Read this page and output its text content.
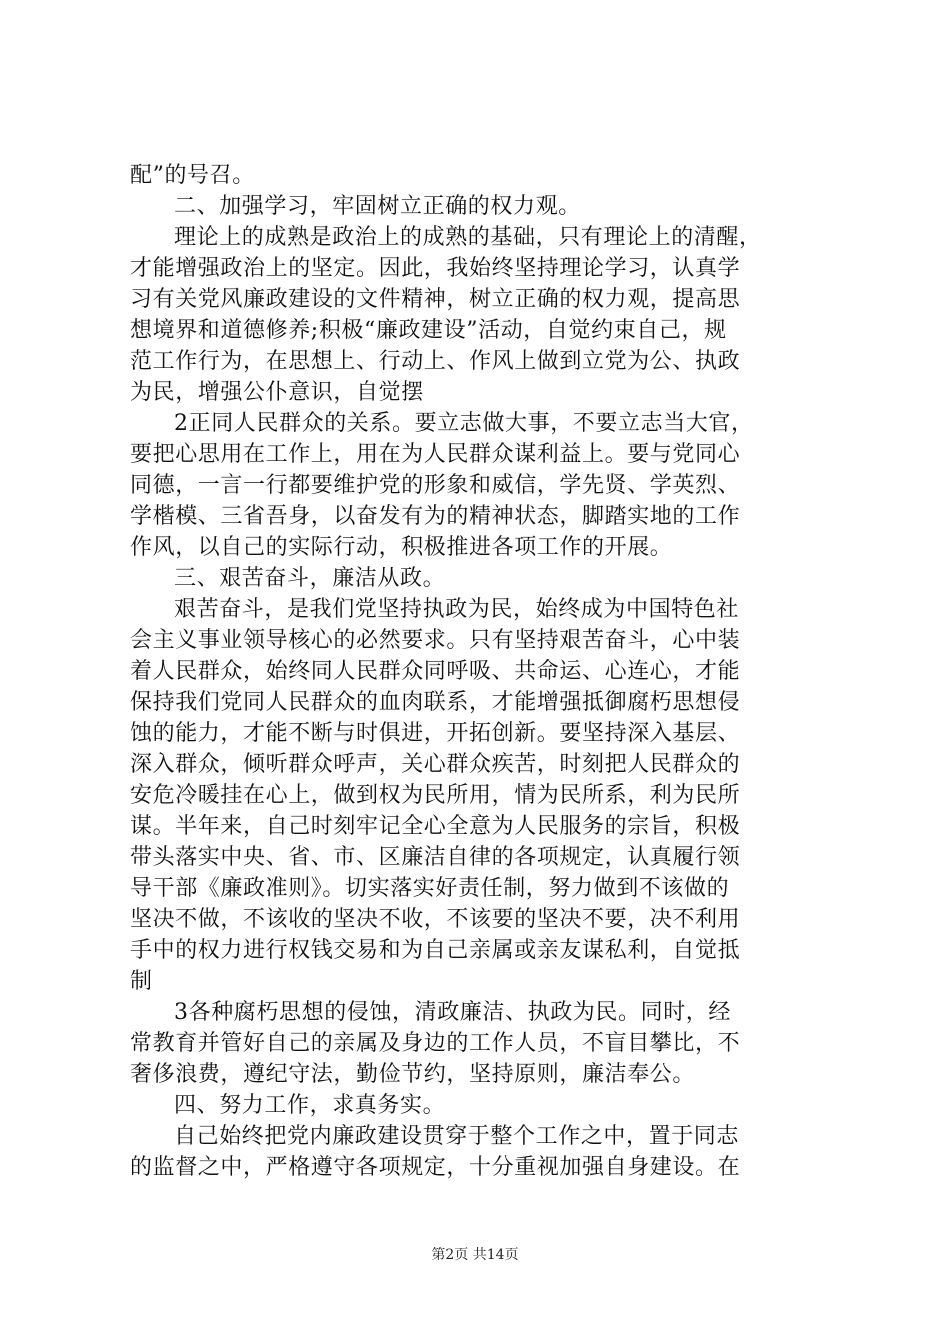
配”的号召。
二、加强学习，牢固树立正确的权力观。
理论上的成熟是政治上的成熟的基础，只有理论上的清醒，
才能增强政治上的坚定。因此，我始终坚持理论学习，认真学
习有关党风廉政建设的文件精神，树立正确的权力观，提高思
想境界和道德修养;积极“廉政建设”活动，自觉约束自己，规
范工作行为，在思想上、行动上、作风上做到立党为公、执政
为民，增强公仆意识，自觉摆
2正同人民群众的关系。要立志做大事，不要立志当大官，
要把心思用在工作上，用在为人民群众谋利益上。要与党同心
同德，一言一行都要维护党的形象和威信，学先贤、学英烈、
学楷模、三省吾身，以奋发有为的精神状态，脚踏实地的工作
作风，以自己的实际行动，积极推进各项工作的开展。
三、艰苦奋斗，廉洁从政。
艰苦奋斗，是我们党坚持执政为民，始终成为中国特色社
会主义事业领导核心的必然要求。只有坚持艰苦奋斗，心中装
着人民群众，始终同人民群众同呼吸、共命运、心连心，才能
保持我们党同人民群众的血肉联系，才能增强抵御腐朽思想侵
蚀的能力，才能不断与时俱进，开拓创新。要坚持深入基层、
深入群众，倾听群众呼声，关心群众疾苦，时刻把人民群众的
安危冷暖挂在心上，做到权为民所用，情为民所系，利为民所
谋。半年来，自己时刻牢记全心全意为人民服务的宗旨，积极
带头落实中央、省、市、区廉洁自律的各项规定，认真履行领
导干部《廉政准则》。切实落实好责任制，努力做到不该做的
坚决不做，不该收的坚决不收，不该要的坚决不要，决不利用
手中的权力进行权钱交易和为自己亲属或亲友谋私利，自觉抵
制
3各种腐朽思想的侵蚀，清政廉洁、执政为民。同时，经
常教育并管好自己的亲属及身边的工作人员，不盲目攀比，不
奢侈浪费，遵纪守法，勤俭节约，坚持原则，廉洁奉公。
四、努力工作，求真务实。
自己始终把党内廉政建设贯穿于整个工作之中，置于同志
的监督之中，严格遵守各项规定，十分重视加强自身建设。在
第2页 共14页
